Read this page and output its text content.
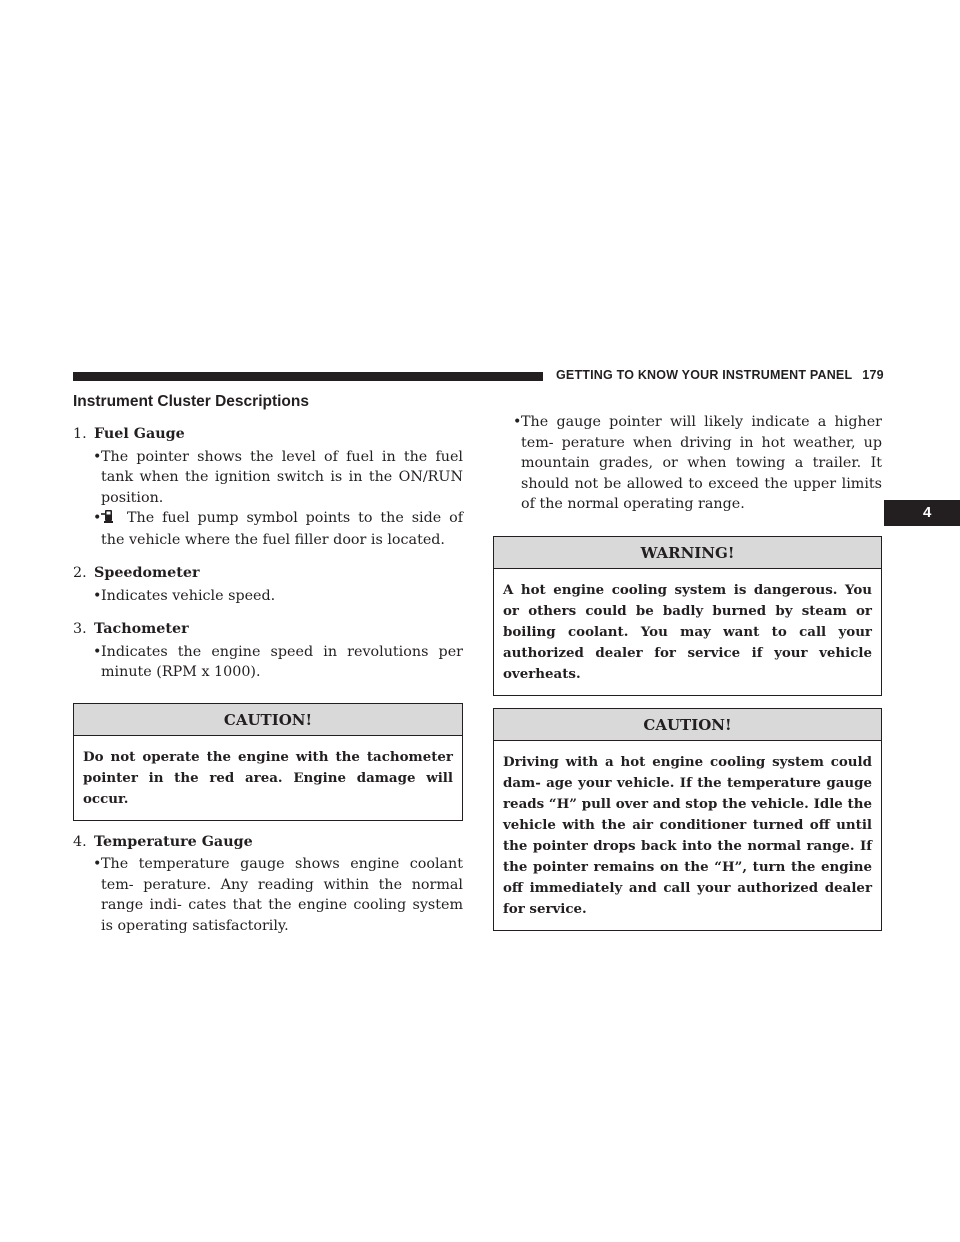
GETTING TO KNOW YOUR INSTRUMENT PANEL 179
4
Instrument Cluster Descriptions
1. Fuel Gauge

• The pointer shows the level of fuel in the fuel tank when the ignition switch is in the ON/RUN position.

• The fuel pump symbol points to the side of the vehicle where the fuel filler door is located.

2. Speedometer

• Indicates vehicle speed.

3. Tachometer

• Indicates the engine speed in revolutions per minute (RPM x 1000).

CAUTION!
Do not operate the engine with the tachometer pointer in the red area. Engine damage will occur.
4. Temperature Gauge

• The temperature gauge shows engine coolant tem- perature. Any reading within the normal range indi- cates that the engine cooling system is operating satisfactorily.

• The gauge pointer will likely indicate a higher tem- perature when driving in hot weather, up mountain grades, or when towing a trailer. It should not be allowed to exceed the upper limits of the normal operating range.

WARNING!
A hot engine cooling system is dangerous. You or others could be badly burned by steam or boiling coolant. You may want to call your authorized dealer for service if your vehicle overheats.
CAUTION!
Driving with a hot engine cooling system could dam- age your vehicle. If the temperature gauge reads “H” pull over and stop the vehicle. Idle the vehicle with the air conditioner turned off until the pointer drops back into the normal range. If the pointer remains on the “H”, turn the engine off immediately and call your authorized dealer for service.
